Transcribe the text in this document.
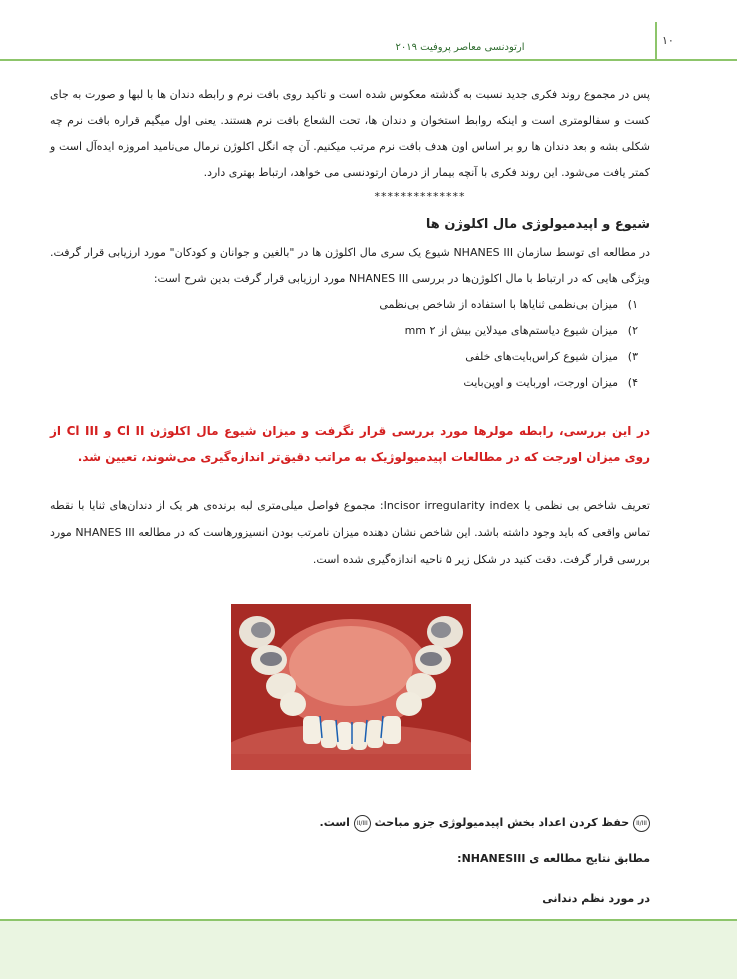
۱۰
ارتودنسی معاصر پروفیت ۲۰۱۹

پس در مجموع روند فکری جدید نسبت به گذشته معکوس شده است و تاکید روی بافت نرم و رابطه دندان ها با لبها و صورت به جای کست و سفالومتری است و اینکه روابط استخوان و دندان ها، تحت الشعاع بافت نرم هستند. یعنی اول میگیم قراره بافت نرم چه شکلی بشه و بعد دندان ها رو بر اساس اون هدف بافت نرم مرتب میکنیم. آن چه انگل اکلوژن نرمال می‌نامید امروزه ایده‌آل است و کمتر یافت می‌شود. این روند فکری با آنچه بیمار از درمان ارتودنسی می خواهد، ارتباط بهتری دارد.

**************
شیوع و اپیدمیولوژی مال اکلوژن ها

در مطالعه ای توسط سازمان NHANES III شیوع یک سری مال اکلوژن ها در "بالغین و جوانان و کودکان" مورد ارزیابی قرار گرفت. ویژگی هایی که در ارتباط با مال اکلوژن‌ها در بررسی NHANES III مورد ارزیابی قرار گرفت بدین شرح است:

۱)
میزان بی‌نظمی ثنایاها با استفاده از شاخص بی‌نظمی
۲)
میزان شیوع دیاستم‌های میدلاین بیش از ۲ mm
۳)
میزان شیوع کراس‌بایت‌های خلفی
۴)
میزان اورجت، اوربایت و اوپن‌بایت

در این بررسی، رابطه مولرها مورد بررسی قرار نگرفت و میزان شیوع مال اکلوژن Cl II و Cl III از روی میزان اورجت که در مطالعات اپیدمیولوژیک به مراتب دقیق‌تر اندازه‌گیری می‌شوند، تعیین شد.

تعریف شاخص بی نظمی یا Incisor irregularity index: مجموع فواصل میلی‌متری لبه برنده‌ی هر یک از دندان‌های ثنایا با نقطه تماس واقعی که باید وجود داشته باشد. این شاخص نشان دهنده میزان نامرتب بودن انسیزورهاست که در مطالعه NHANES III مورد بررسی قرار گرفت. دقت کنید در شکل زیر ۵ ناحیه اندازه‌گیری شده است.

II/III حفظ کردن اعداد بخش اپیدمیولوژی جزو مباحث II/III است.

مطابق نتایج مطالعه ی NHANESIII:

در مورد نظم دندانی
